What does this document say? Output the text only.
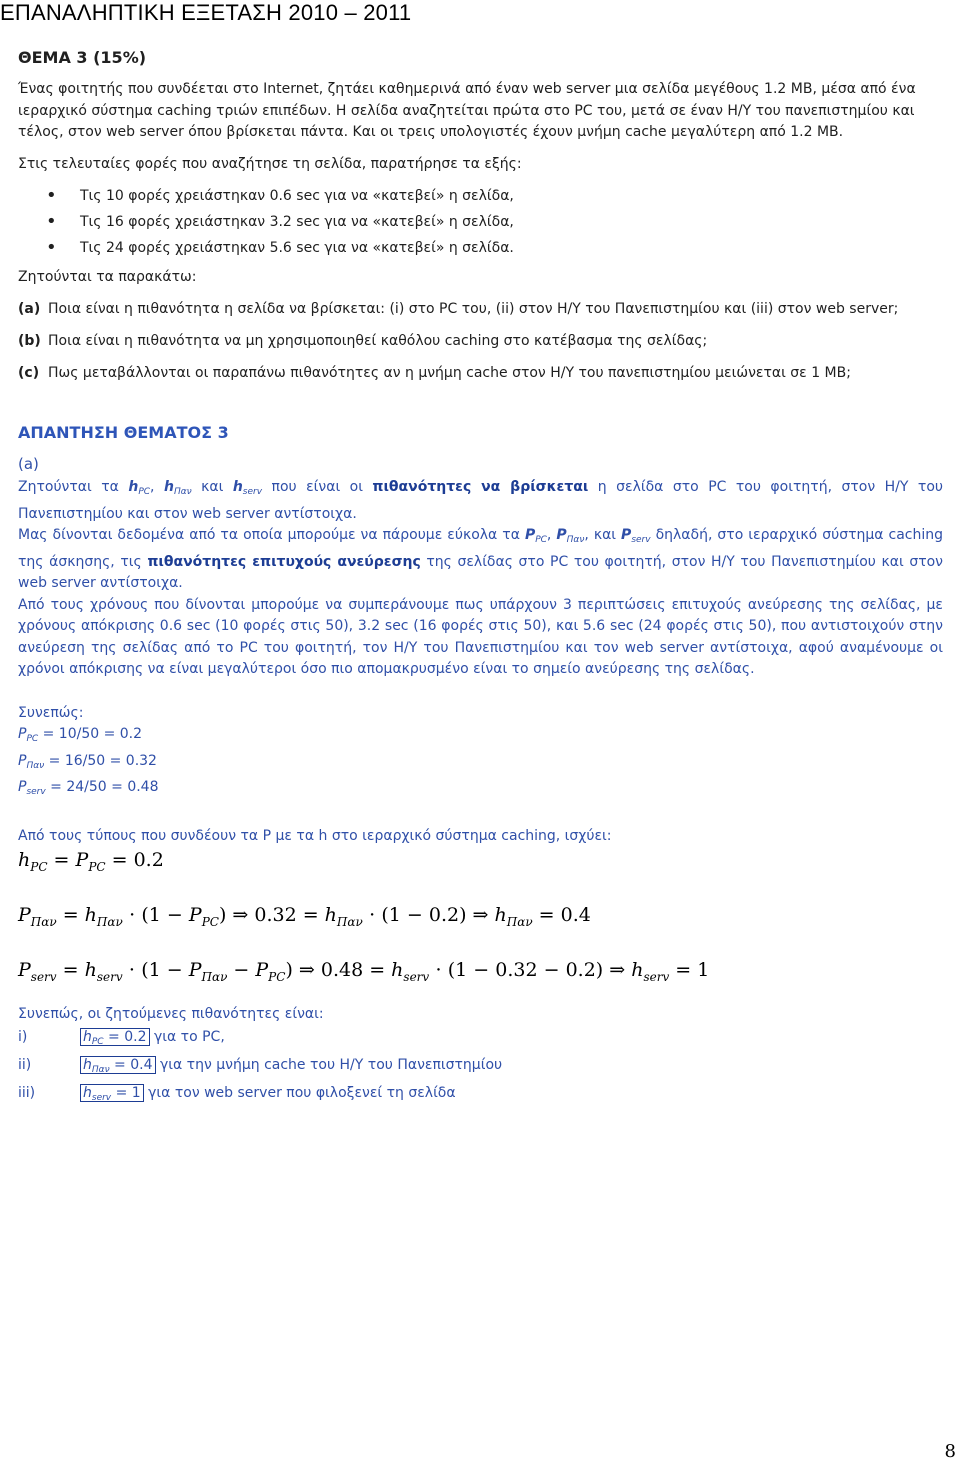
ΕΠΑΝΑΛΗΠΤΙΚΗ ΕΞΕΤΑΣΗ 2010 – 2011
ΘΕΜΑ 3 (15%)

Ένας φοιτητής που συνδέεται στο Internet, ζητάει καθημερινά από έναν web server μια σελίδα μεγέθους 1.2 MB, μέσα από ένα ιεραρχικό σύστημα caching τριών επιπέδων. Η σελίδα αναζητείται πρώτα στο PC του, μετά σε έναν Η/Υ του πανεπιστημίου και τέλος, στον web server όπου βρίσκεται πάντα. Και οι τρεις υπολογιστές έχουν μνήμη cache μεγαλύτερη από 1.2 MB.

Στις τελευταίες φορές που αναζήτησε τη σελίδα, παρατήρησε τα εξής:

• Τις 10 φορές χρειάστηκαν 0.6 sec για να «κατεβεί» η σελίδα,
• Τις 16 φορές χρειάστηκαν 3.2 sec για να «κατεβεί» η σελίδα,
• Τις 24 φορές χρειάστηκαν 5.6 sec για να «κατεβεί» η σελίδα.

Ζητούνται τα παρακάτω:

(a) Ποια είναι η πιθανότητα η σελίδα να βρίσκεται: (i) στο PC του, (ii) στον Η/Υ του Πανεπιστημίου και (iii) στον web server;
(b) Ποια είναι η πιθανότητα να μη χρησιμοποιηθεί καθόλου caching στο κατέβασμα της σελίδας;
(c) Πως μεταβάλλονται οι παραπάνω πιθανότητες αν η μνήμη cache στον Η/Υ του πανεπιστημίου μειώνεται σε 1 MB;
ΑΠΑΝΤΗΣΗ ΘΕΜΑΤΟΣ 3

(a)

Ζητούνται τα $h_{PC}$, $h_{\Pi\alpha\nu}$ και $h_{serv}$ που είναι οι πιθανότητες να βρίσκεται η σελίδα στο PC του φοιτητή, στον Η/Υ του Πανεπιστημίου και στον web server αντίστοιχα.

Μας δίνονται δεδομένα από τα οποία μπορούμε να πάρουμε εύκολα τα $P_{PC}$, $P_{\Pi\alpha\nu}$, και $P_{serv}$ δηλαδή, στο ιεραρχικό σύστημα caching της άσκησης, τις πιθανότητες επιτυχούς ανεύρεσης της σελίδας στο PC του φοιτητή, στον Η/Υ του Πανεπιστημίου και στον web server αντίστοιχα.

Από τους χρόνους που δίνονται μπορούμε να συμπεράνουμε πως υπάρχουν 3 περιπτώσεις επιτυχούς ανεύρεσης της σελίδας, με χρόνους απόκρισης 0.6 sec (10 φορές στις 50), 3.2 sec (16 φορές στις 50), και 5.6 sec (24 φορές στις 50), που αντιστοιχούν στην ανεύρεση της σελίδας από το PC του φοιτητή, τον Η/Υ του Πανεπιστημίου και τον web server αντίστοιχα, αφού αναμένουμε οι χρόνοι απόκρισης να είναι μεγαλύτεροι όσο πιο απομακρυσμένο είναι το σημείο ανεύρεσης της σελίδας.

Συνεπώς:

$P_{PC} = 10/50 = 0.2$

$P_{\Pi\alpha\nu} = 16/50 = 0.32$

$P_{serv} = 24/50 = 0.48$

Από τους τύπους που συνδέουν τα P με τα h στο ιεραρχικό σύστημα caching, ισχύει:

$h_{PC} = P_{PC} = 0.2$

$P_{\Pi\alpha\nu} = h_{\Pi\alpha\nu} \cdot (1 - P_{PC})$ ⇒ $0.32 = h_{\Pi\alpha\nu} \cdot (1 - 0.2)$ ⇒ $h_{\Pi\alpha\nu} = 0.4$

$P_{serv} = h_{serv} \cdot (1 - P_{\Pi\alpha\nu} - P_{PC})$ ⇒ $0.48 = h_{serv} \cdot (1 - 0.32 - 0.2)$ ⇒ $h_{serv} = 1$

Συνεπώς, οι ζητούμενες πιθανότητες είναι:

i)	$h_{PC} = 0.2$ για το PC,
ii)	$h_{\Pi\alpha\nu} = 0.4$ για την μνήμη cache του Η/Υ του Πανεπιστημίου
iii)	$h_{serv} = 1$ για τον web server που φιλοξενεί τη σελίδα
8
